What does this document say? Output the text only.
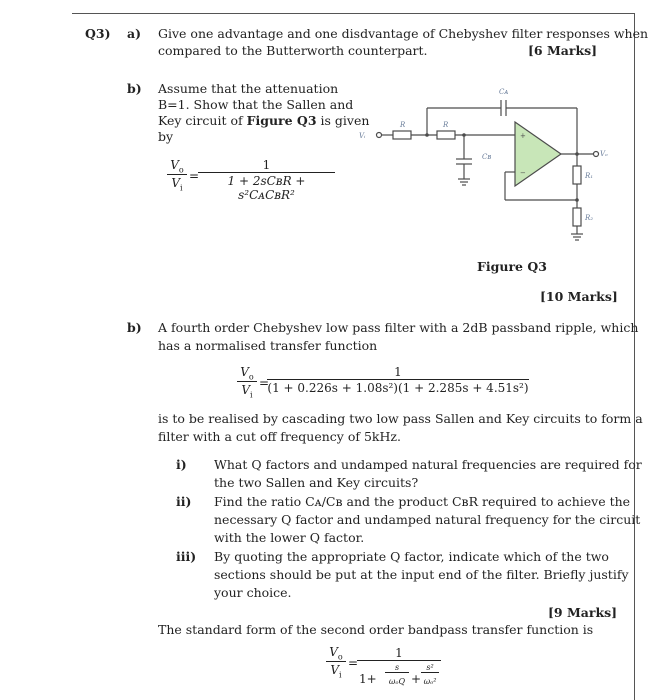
Q3) a) Give one advantage and one disdvantage of Chebyshev filter responses when
compared to the Butterworth counterpart.	[6 Marks]
b) Assume that the attenuation
B=1. Show that the Sallen and
Key circuit of Figure Q3 is given
by
$\frac{V_o}{V_i}$ =
1
1 + 2sCʙR + s²CᴀCʙR²
+
−
Vᵢ
R	R
Cᴀ
Cʙ	Vₒ
R₁
R₂
Figure Q3
[10 Marks]
b) A fourth order Chebyshev low pass filter with a 2dB passband ripple, which
has a normalised transfer function
$\frac{V_o}{V_i}$ =
$\frac{1}{\text{(1 + 0.226s + 1.08s²)(1 + 2.285s + 4.51s²)}}$
is to be realised by cascading two low pass Sallen and Key circuits to form a
filter with a cut off frequency of 5kHz.
i) What Q factors and undamped natural frequencies are required for
the two Sallen and Key circuits?
ii) Find the ratio Cᴀ/Cʙ and the product CʙR required to achieve the
necessary Q factor and undamped natural frequency for the circuit
with the lower Q factor.
iii) By quoting the appropriate Q factor, indicate which of the two
sections should be put at the input end of the filter. Briefly justify
your choice.
[9 Marks]
The standard form of the second order bandpass transfer function is
$\frac{V_o}{V_i}$ =
1
1+
s
ωₒQ +
s²
ωₒ²
